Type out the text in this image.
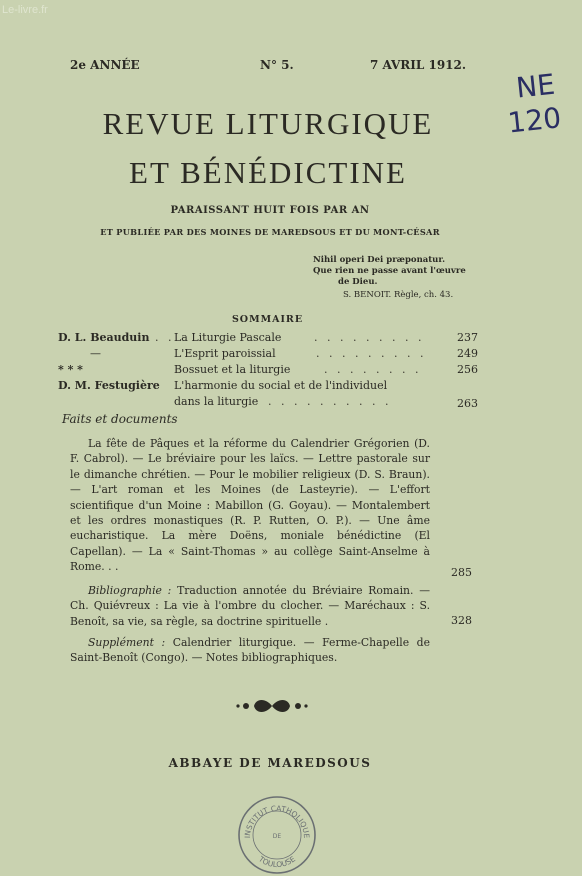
Le-livre.fr
2e ANNÉE	N° 5.	7 AVRIL 1912.
NE
120
REVUE LITURGIQUE
ET BÉNÉDICTINE
PARAISSANT HUIT FOIS PAR AN
ET PUBLIÉE PAR DES MOINES DE MAREDSOUS ET DU MONT-CÉSAR
Nihil operi Dei præponatur.
Que rien ne passe avant l'œuvre
de Dieu.
S. BENOIT. Règle, ch. 43.
SOMMAIRE
D. L. Beauduin . . La Liturgie Pascale	. . . . . . . . .	237
—	L'Esprit paroissial	. . . . . . . . .	249
* * *	Bossuet et la liturgie	. . . . . . . .	256
D. M. Festugière L'harmonie du social et de l'individuel
dans la liturgie . . . . . . . . . .	263
Faits et documents
La fête de Pâques et la réforme du Calendrier Grégorien (D. F. Cabrol). — Le bréviaire pour les laïcs. — Lettre pastorale sur le dimanche chrétien. — Pour le mobilier religieux (D. S. Braun). — L'art roman et les Moines (de Lasteyrie). — L'effort scientifique d'un Moine : Mabillon (G. Goyau). — Montalembert et les ordres monastiques (R. P. Rutten, O. P.). — Une âme eucharistique. La mère Doëns, moniale bénédictine (El Capellan). — La « Saint-Thomas » au collège Saint-Anselme à Rome. . .	285
Bibliographie : Traduction annotée du Bréviaire Romain. — Ch. Quiévreux : La vie à l'ombre du clocher. — Maréchaux : S. Benoît, sa vie, sa règle, sa doctrine spirituelle .	328
Supplément : Calendrier liturgique. — Ferme-Chapelle de Saint-Benoît (Congo). — Notes bibliographiques.
ABBAYE DE MAREDSOUS
INSTITUT CATHOLIQUE
DE
TOULOUSE
